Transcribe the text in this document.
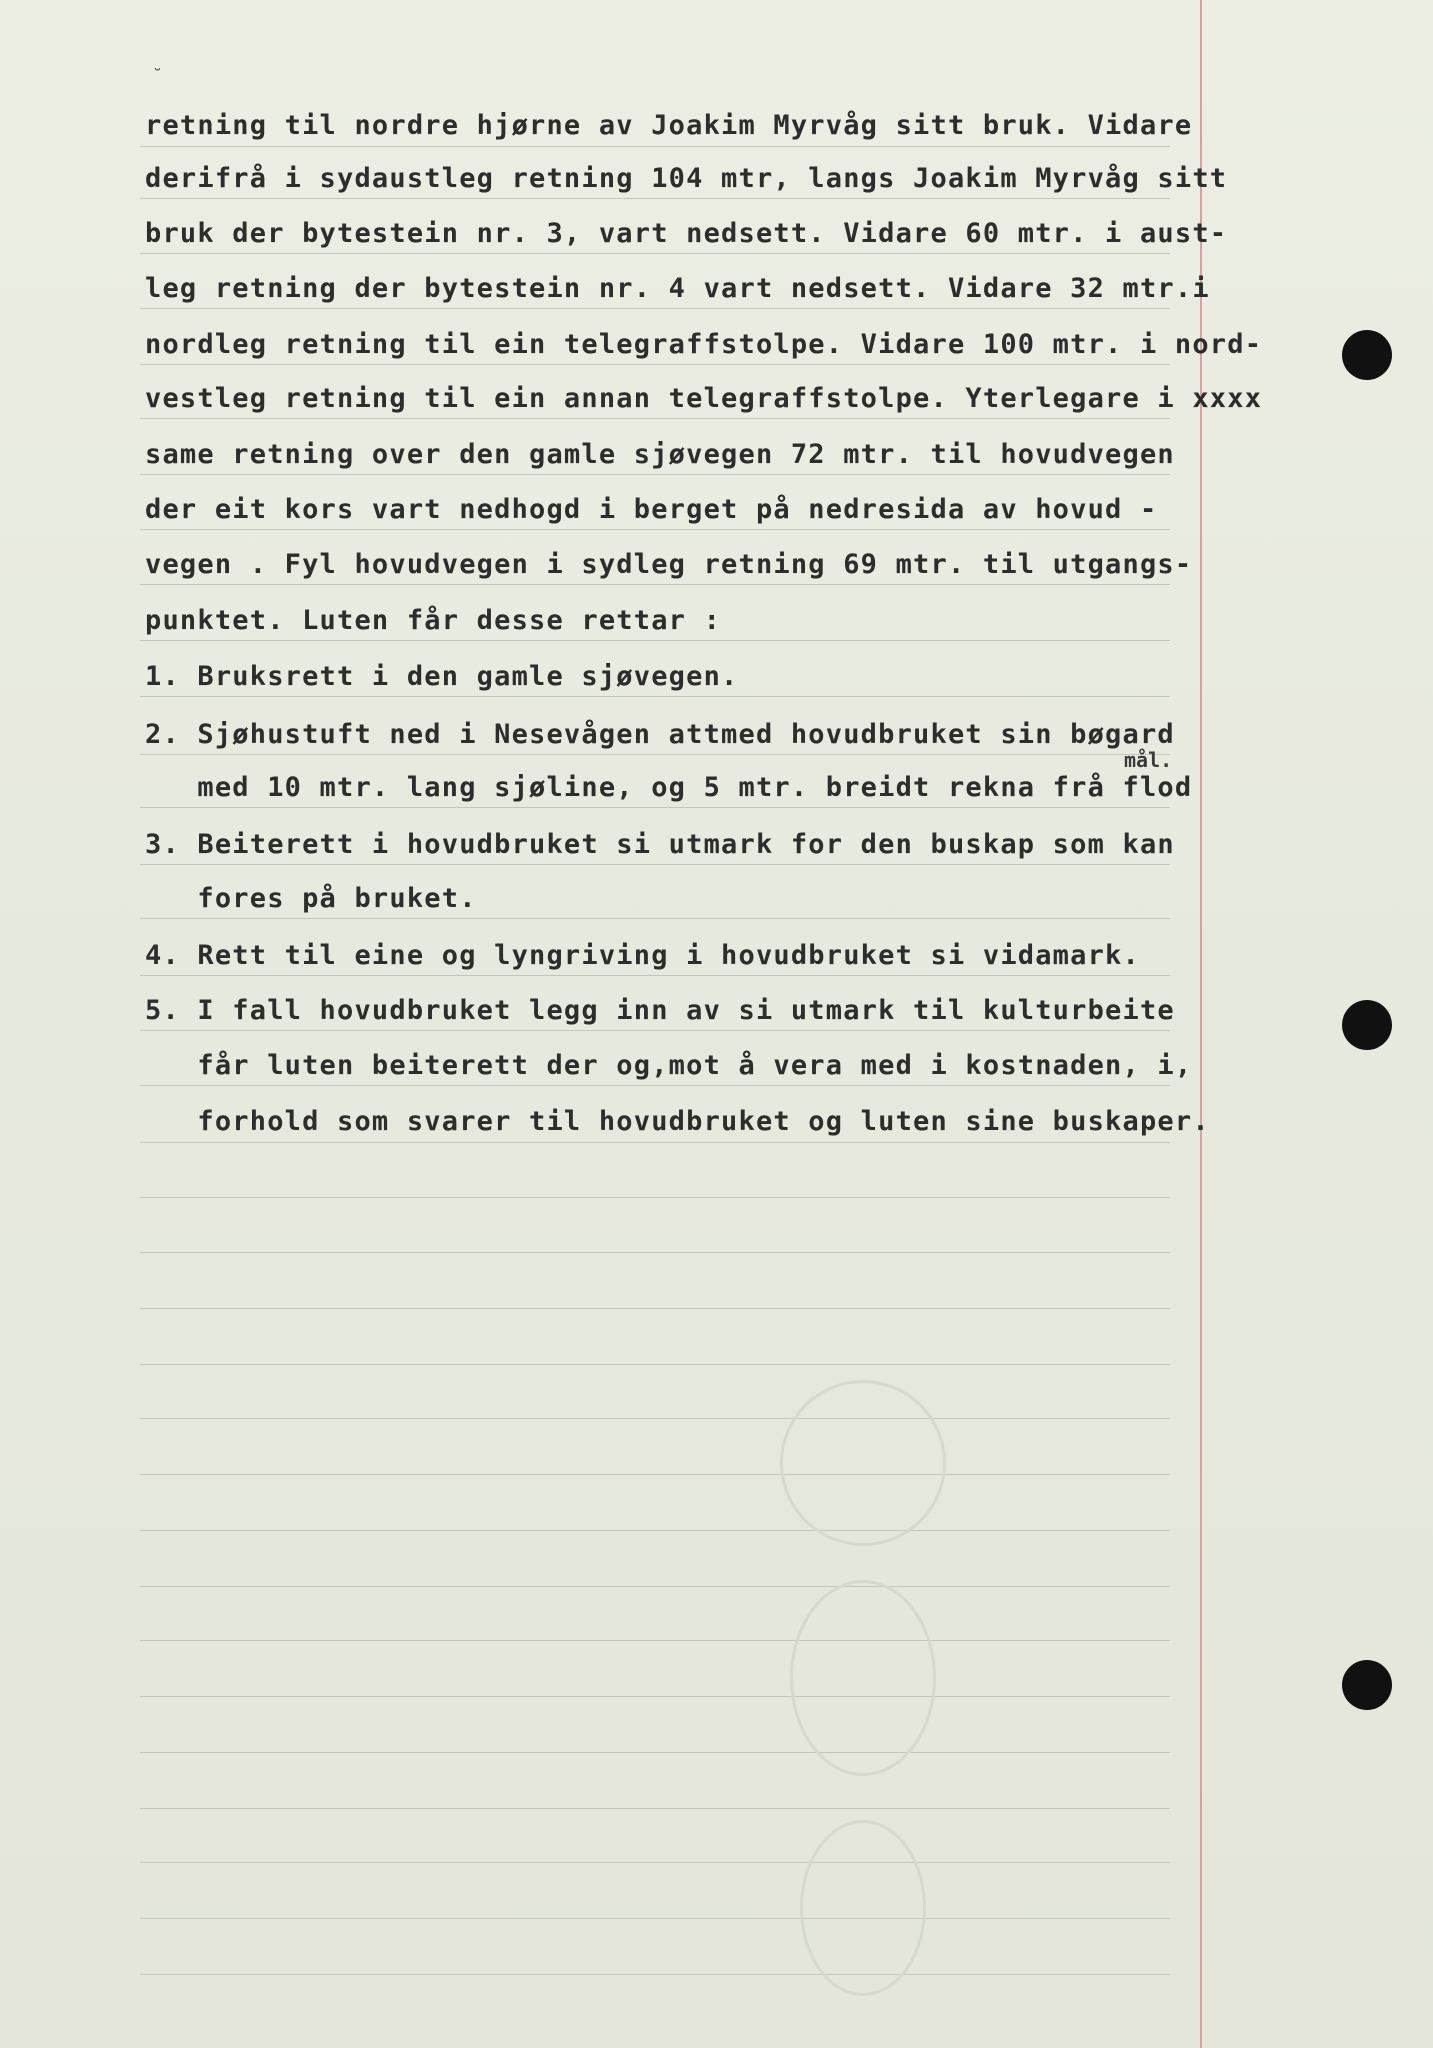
˘

retning til nordre hjørne av Joakim Myrvåg sitt bruk. Vidare

derifrå i sydaustleg retning 104 mtr, langs Joakim Myrvåg sitt

bruk der bytestein nr. 3, vart nedsett. Vidare 60 mtr. i aust-

leg retning der bytestein nr. 4 vart nedsett. Vidare 32 mtr.i

nordleg retning til ein telegraffstolpe. Vidare 100 mtr. i nord-

vestleg retning til ein annan telegraffstolpe. Yterlegare i xxxx

same retning over den gamle sjøvegen 72 mtr. til hovudvegen

der eit kors vart nedhogd i berget på nedresida av hovud -

vegen . Fyl hovudvegen i sydleg retning 69 mtr. til utgangs-

punktet. Luten får desse rettar :

1. Bruksrett i den gamle sjøvegen.

2. Sjøhustuft ned i Nesevågen attmed hovudbruket sin bøgard

med 10 mtr. lang sjøline, og 5 mtr. breidt rekna frå flod

3. Beiterett i hovudbruket si utmark for den buskap som kan

fores på bruket.

4. Rett til eine og lyngriving i hovudbruket si vidamark.

5. I fall hovudbruket legg inn av si utmark til kulturbeite

får luten beiterett der og,mot å vera med i kostnaden, i,

forhold som svarer til hovudbruket og luten sine buskaper.

mål.
